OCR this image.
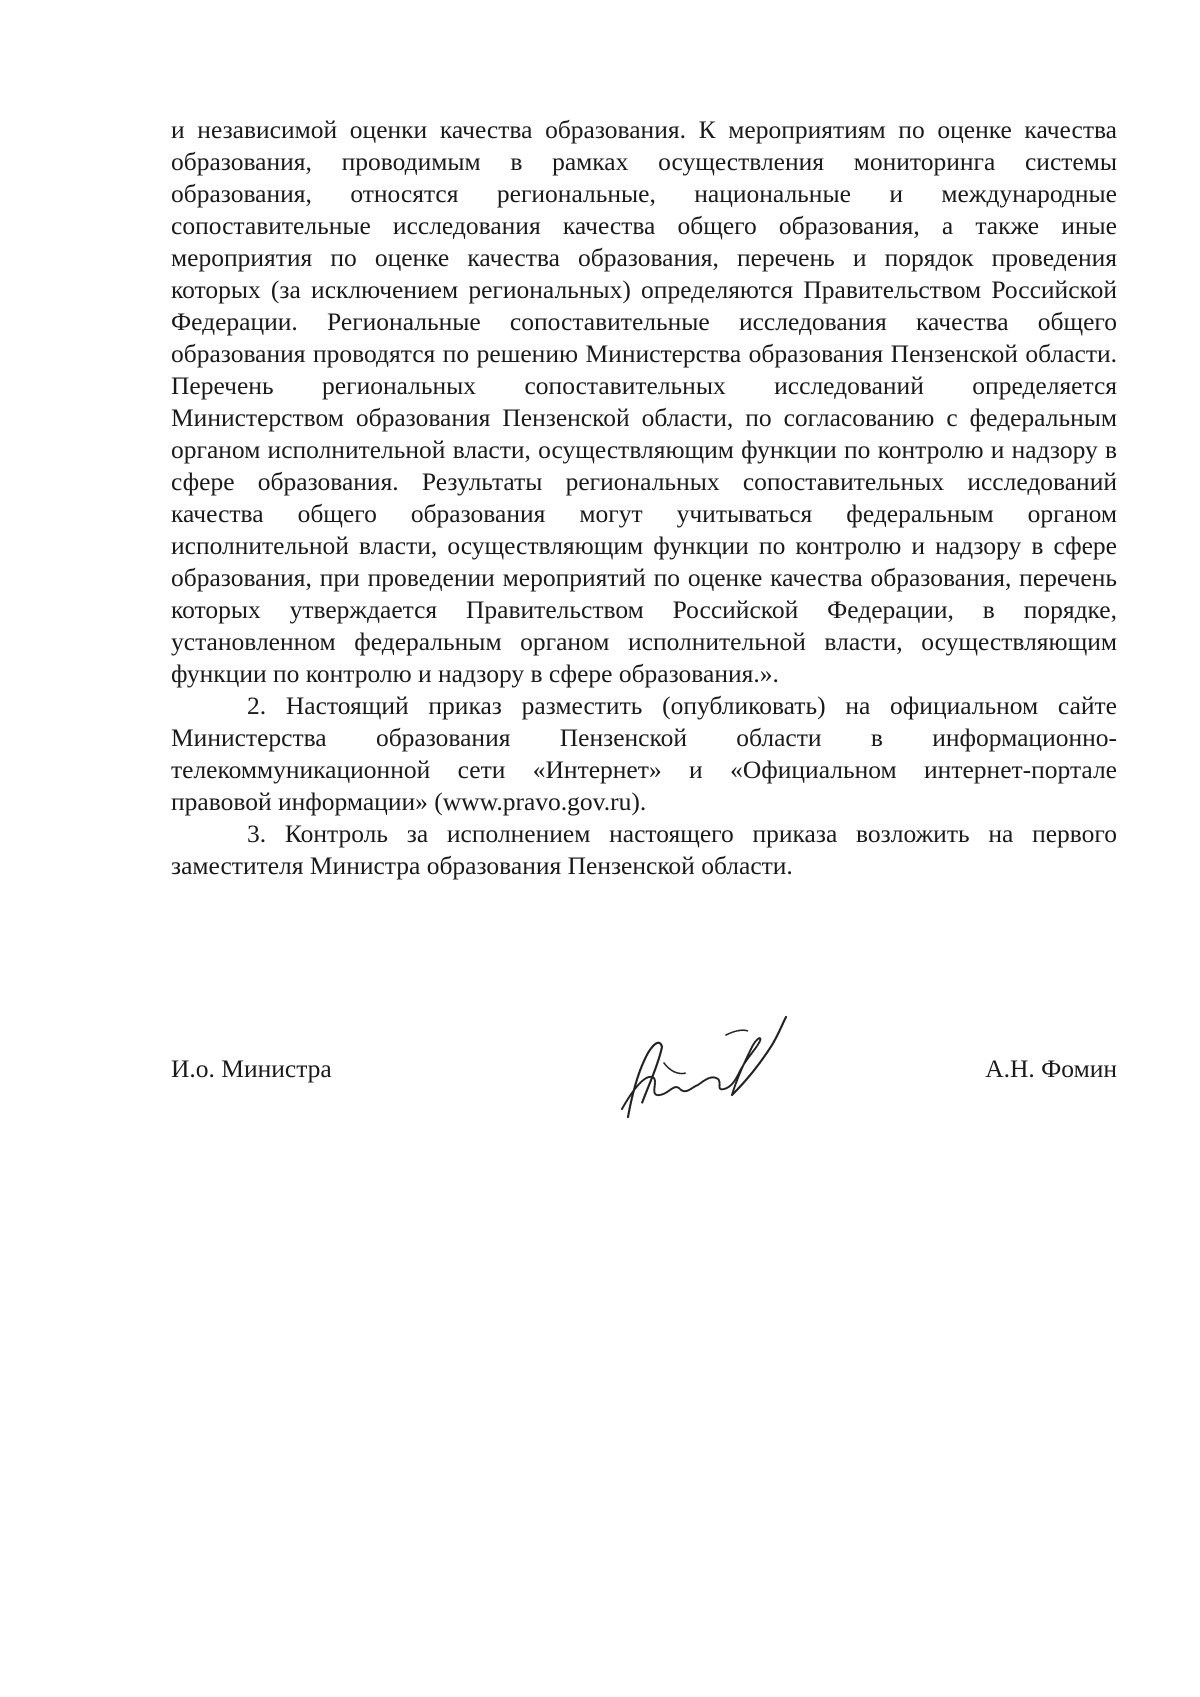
и независимой оценки качества образования. К мероприятиям по оценке качества образования, проводимым в рамках осуществления мониторинга системы образования, относятся региональные, национальные и международные сопоставительные исследования качества общего образования, а также иные мероприятия по оценке качества образования, перечень и порядок проведения которых (за исключением региональных) определяются Правительством Российской Федерации. Региональные сопоставительные исследования качества общего образования проводятся по решению Министерства образования Пензенской области. Перечень региональных сопоставительных исследований определяется Министерством образования Пензенской области, по согласованию с федеральным органом исполнительной власти, осуществляющим функции по контролю и надзору в сфере образования. Результаты региональных сопоставительных исследований качества общего образования могут учитываться федеральным органом исполнительной власти, осуществляющим функции по контролю и надзору в сфере образования, при проведении мероприятий по оценке качества образования, перечень которых утверждается Правительством Российской Федерации, в порядке, установленном федеральным органом исполнительной власти, осуществляющим функции по контролю и надзору в сфере образования.».

2. Настоящий приказ разместить (опубликовать) на официальном сайте Министерства образования Пензенской области в информационно-телекоммуникационной сети «Интернет» и «Официальном интернет-портале правовой информации» (www.pravo.gov.ru).

3. Контроль за исполнением настоящего приказа возложить на первого заместителя Министра образования Пензенской области.

И.о. Министра	А.Н. Фомин
